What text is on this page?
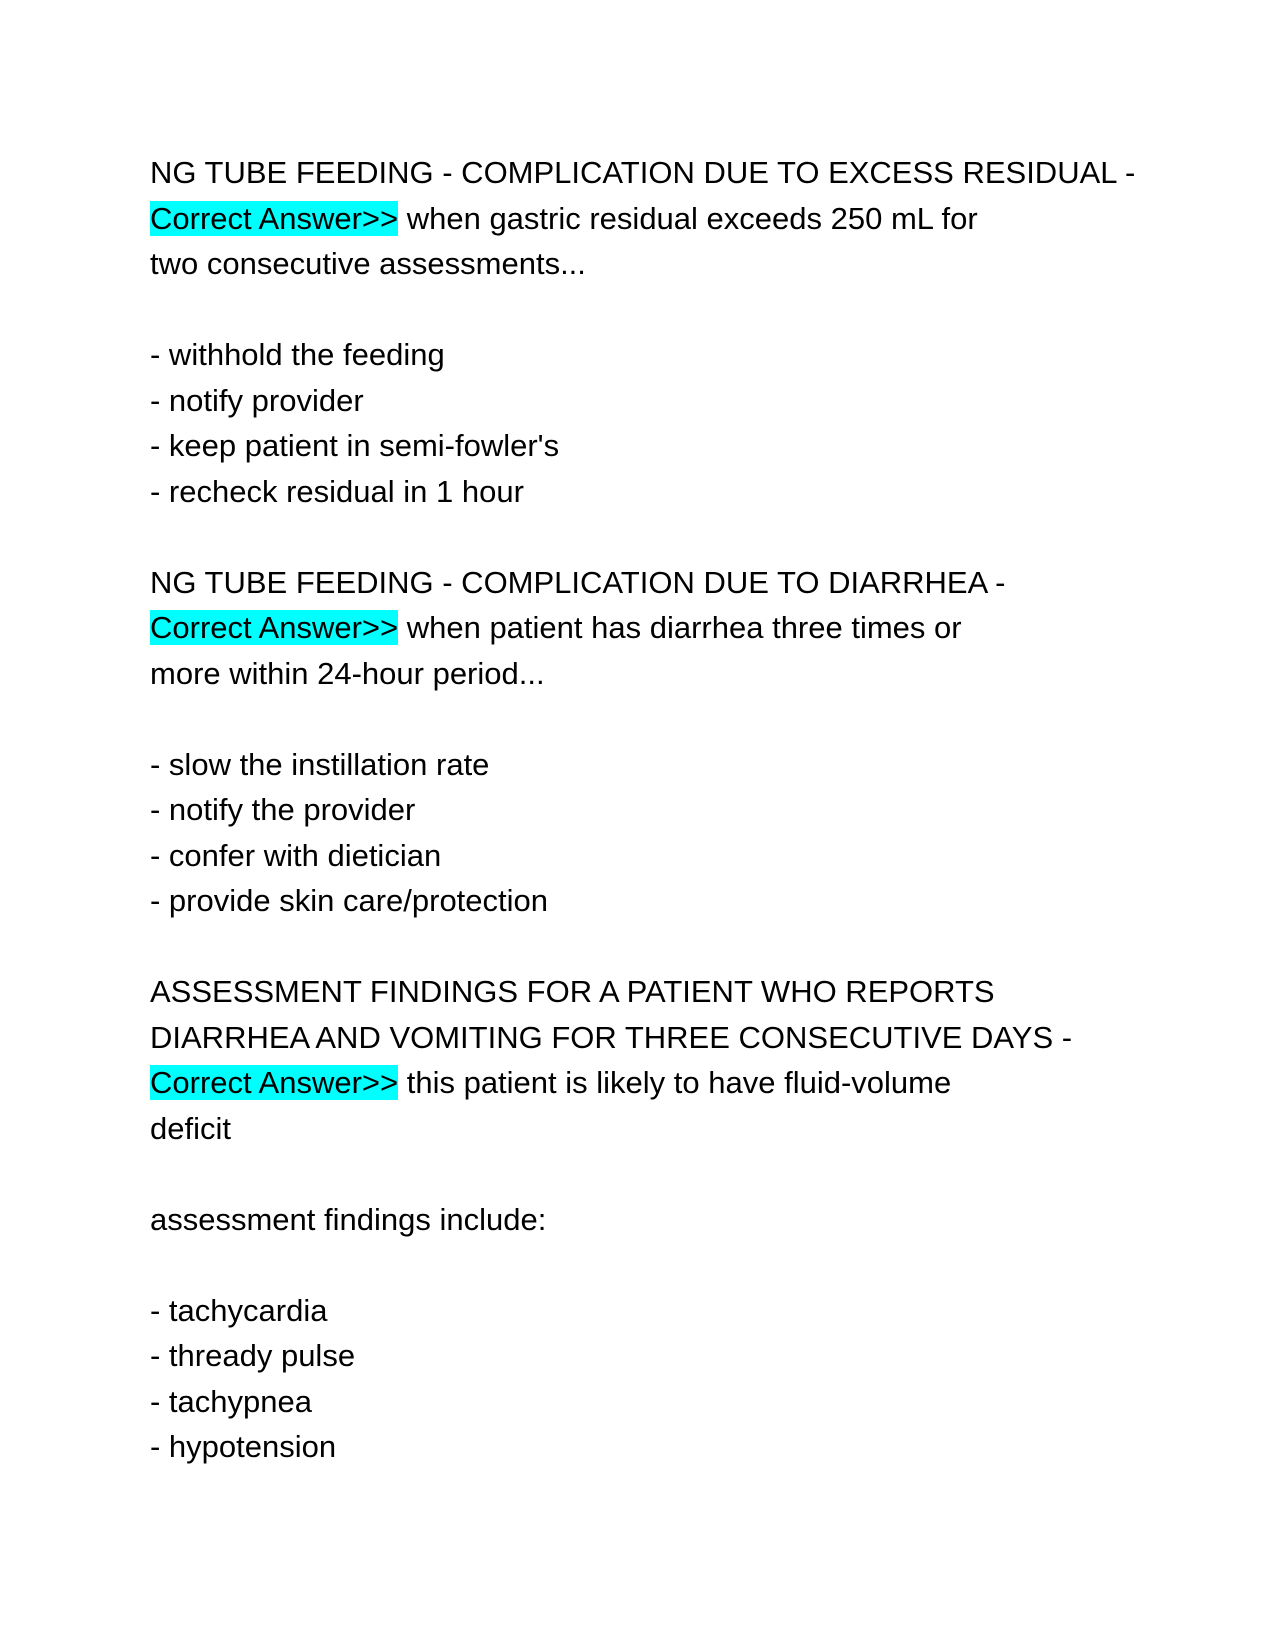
NG TUBE FEEDING - COMPLICATION DUE TO EXCESS RESIDUAL -

Correct Answer>> when gastric residual exceeds 250 mL for

two consecutive assessments...

- withhold the feeding

- notify provider

- keep patient in semi-fowler's

- recheck residual in 1 hour

NG TUBE FEEDING - COMPLICATION DUE TO DIARRHEA -

Correct Answer>> when patient has diarrhea three times or

more within 24-hour period...

- slow the instillation rate

- notify the provider

- confer with dietician

- provide skin care/protection

ASSESSMENT FINDINGS FOR A PATIENT WHO REPORTS

DIARRHEA AND VOMITING FOR THREE CONSECUTIVE DAYS -

Correct Answer>> this patient is likely to have fluid-volume

deficit

assessment findings include:

- tachycardia

- thready pulse

- tachypnea

- hypotension
